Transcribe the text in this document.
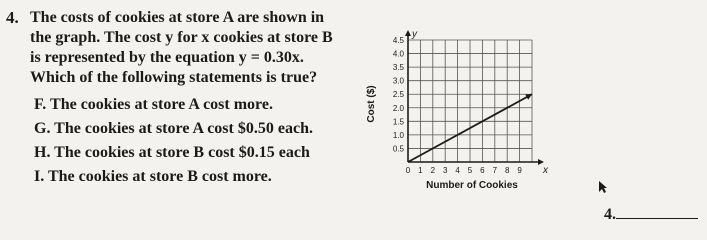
4. The costs of cookies at store A are shown in
the graph. The cost y for x cookies at store B
is represented by the equation y = 0.30x.
Which of the following statements is true?
F. The cookies at store A cost more.
G. The cookies at store A cost $0.50 each.
H. The cookies at store B cost $0.15 each
I. The cookies at store B cost more.	0 1 2 3 4 5 6 7 8 9
0.5
1.0
1.5
2.0
2.5
3.0
3.5
4.0
4.5
Cost ($)
Number of Cookies
y
x
4.
